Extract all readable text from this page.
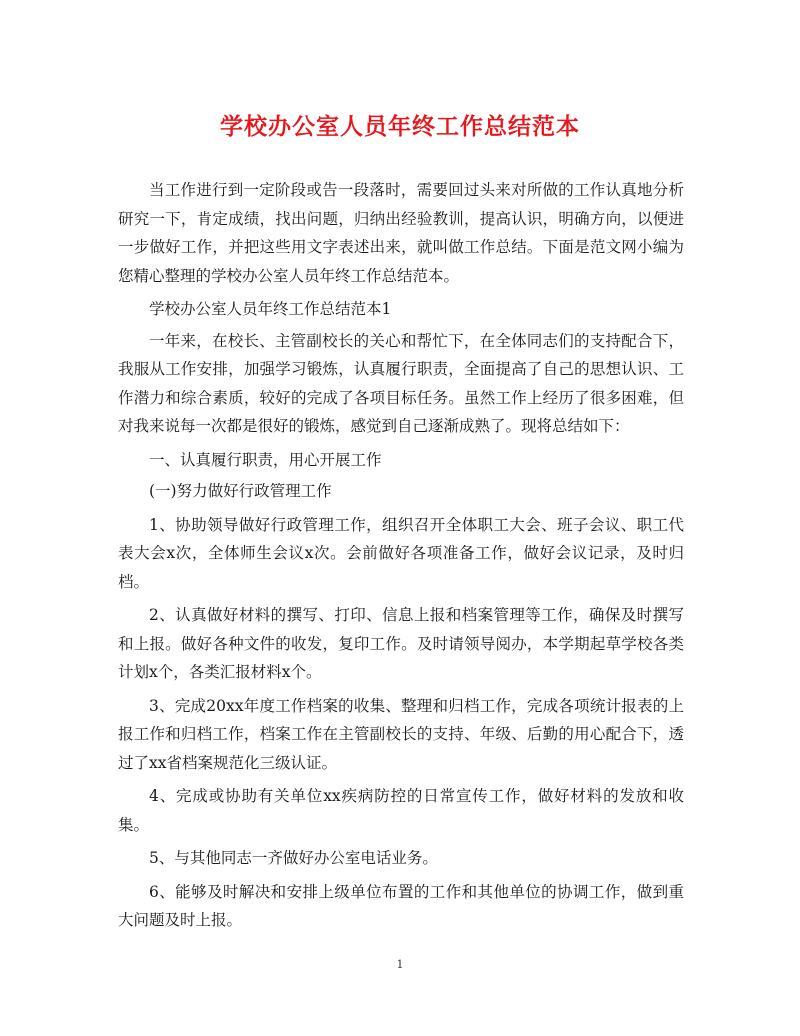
学校办公室人员年终工作总结范本

当工作进行到一定阶段或告一段落时，需要回过头来对所做的工作认真地分析研究一下，肯定成绩，找出问题，归纳出经验教训，提高认识，明确方向，以便进一步做好工作，并把这些用文字表述出来，就叫做工作总结。下面是范文网小编为您精心整理的学校办公室人员年终工作总结范本。

学校办公室人员年终工作总结范本1

一年来，在校长、主管副校长的关心和帮忙下，在全体同志们的支持配合下，我服从工作安排，加强学习锻炼，认真履行职责，全面提高了自己的思想认识、工作潜力和综合素质，较好的完成了各项目标任务。虽然工作上经历了很多困难，但对我来说每一次都是很好的锻炼，感觉到自己逐渐成熟了。现将总结如下：

一、认真履行职责，用心开展工作

(一)努力做好行政管理工作

1、协助领导做好行政管理工作，组织召开全体职工大会、班子会议、职工代表大会x次，全体师生会议x次。会前做好各项准备工作，做好会议记录，及时归档。

2、认真做好材料的撰写、打印、信息上报和档案管理等工作，确保及时撰写和上报。做好各种文件的收发，复印工作。及时请领导阅办，本学期起草学校各类计划x个，各类汇报材料x个。

3、完成20xx年度工作档案的收集、整理和归档工作，完成各项统计报表的上报工作和归档工作，档案工作在主管副校长的支持、年级、后勤的用心配合下，透过了xx省档案规范化三级认证。

4、完成或协助有关单位xx疾病防控的日常宣传工作，做好材料的发放和收集。

5、与其他同志一齐做好办公室电话业务。

6、能够及时解决和安排上级单位布置的工作和其他单位的协调工作，做到重大问题及时上报。

1
